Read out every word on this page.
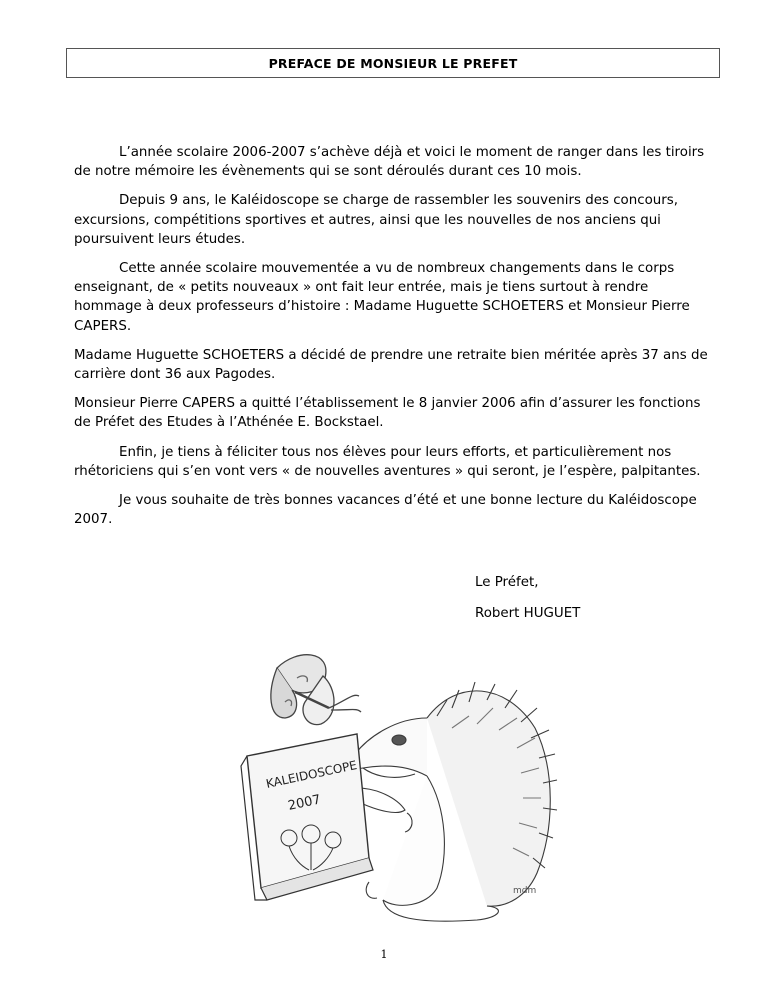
PREFACE DE MONSIEUR LE PREFET

L’année scolaire 2006-2007 s’achève déjà et voici le moment de ranger dans les tiroirs de notre mémoire les évènements qui se sont déroulés durant ces 10 mois.

Depuis 9 ans, le Kaléidoscope se charge de rassembler les souvenirs des concours, excursions, compétitions sportives et autres, ainsi que les nouvelles de nos anciens qui poursuivent leurs études.

Cette année scolaire mouvementée a vu de nombreux changements dans le corps enseignant, de « petits nouveaux » ont fait leur entrée, mais je tiens surtout à rendre hommage à deux professeurs d’histoire : Madame Huguette SCHOETERS et Monsieur Pierre CAPERS.

Madame Huguette SCHOETERS a décidé de prendre une retraite bien méritée après 37 ans de carrière dont 36 aux Pagodes.

Monsieur Pierre CAPERS a quitté l’établissement le 8 janvier 2006 afin d’assurer les fonctions de Préfet des Etudes à l’Athénée E. Bockstael.

Enfin, je tiens à féliciter tous nos élèves pour leurs efforts, et particulièrement nos rhétoriciens qui s’en vont vers « de nouvelles aventures » qui seront, je l’espère, palpitantes.

Je vous souhaite de très bonnes vacances d’été et une bonne lecture du Kaléidoscope 2007.

Le Préfet,
Robert HUGUET
KALEIDOSCOPE
2007
mdm
1
